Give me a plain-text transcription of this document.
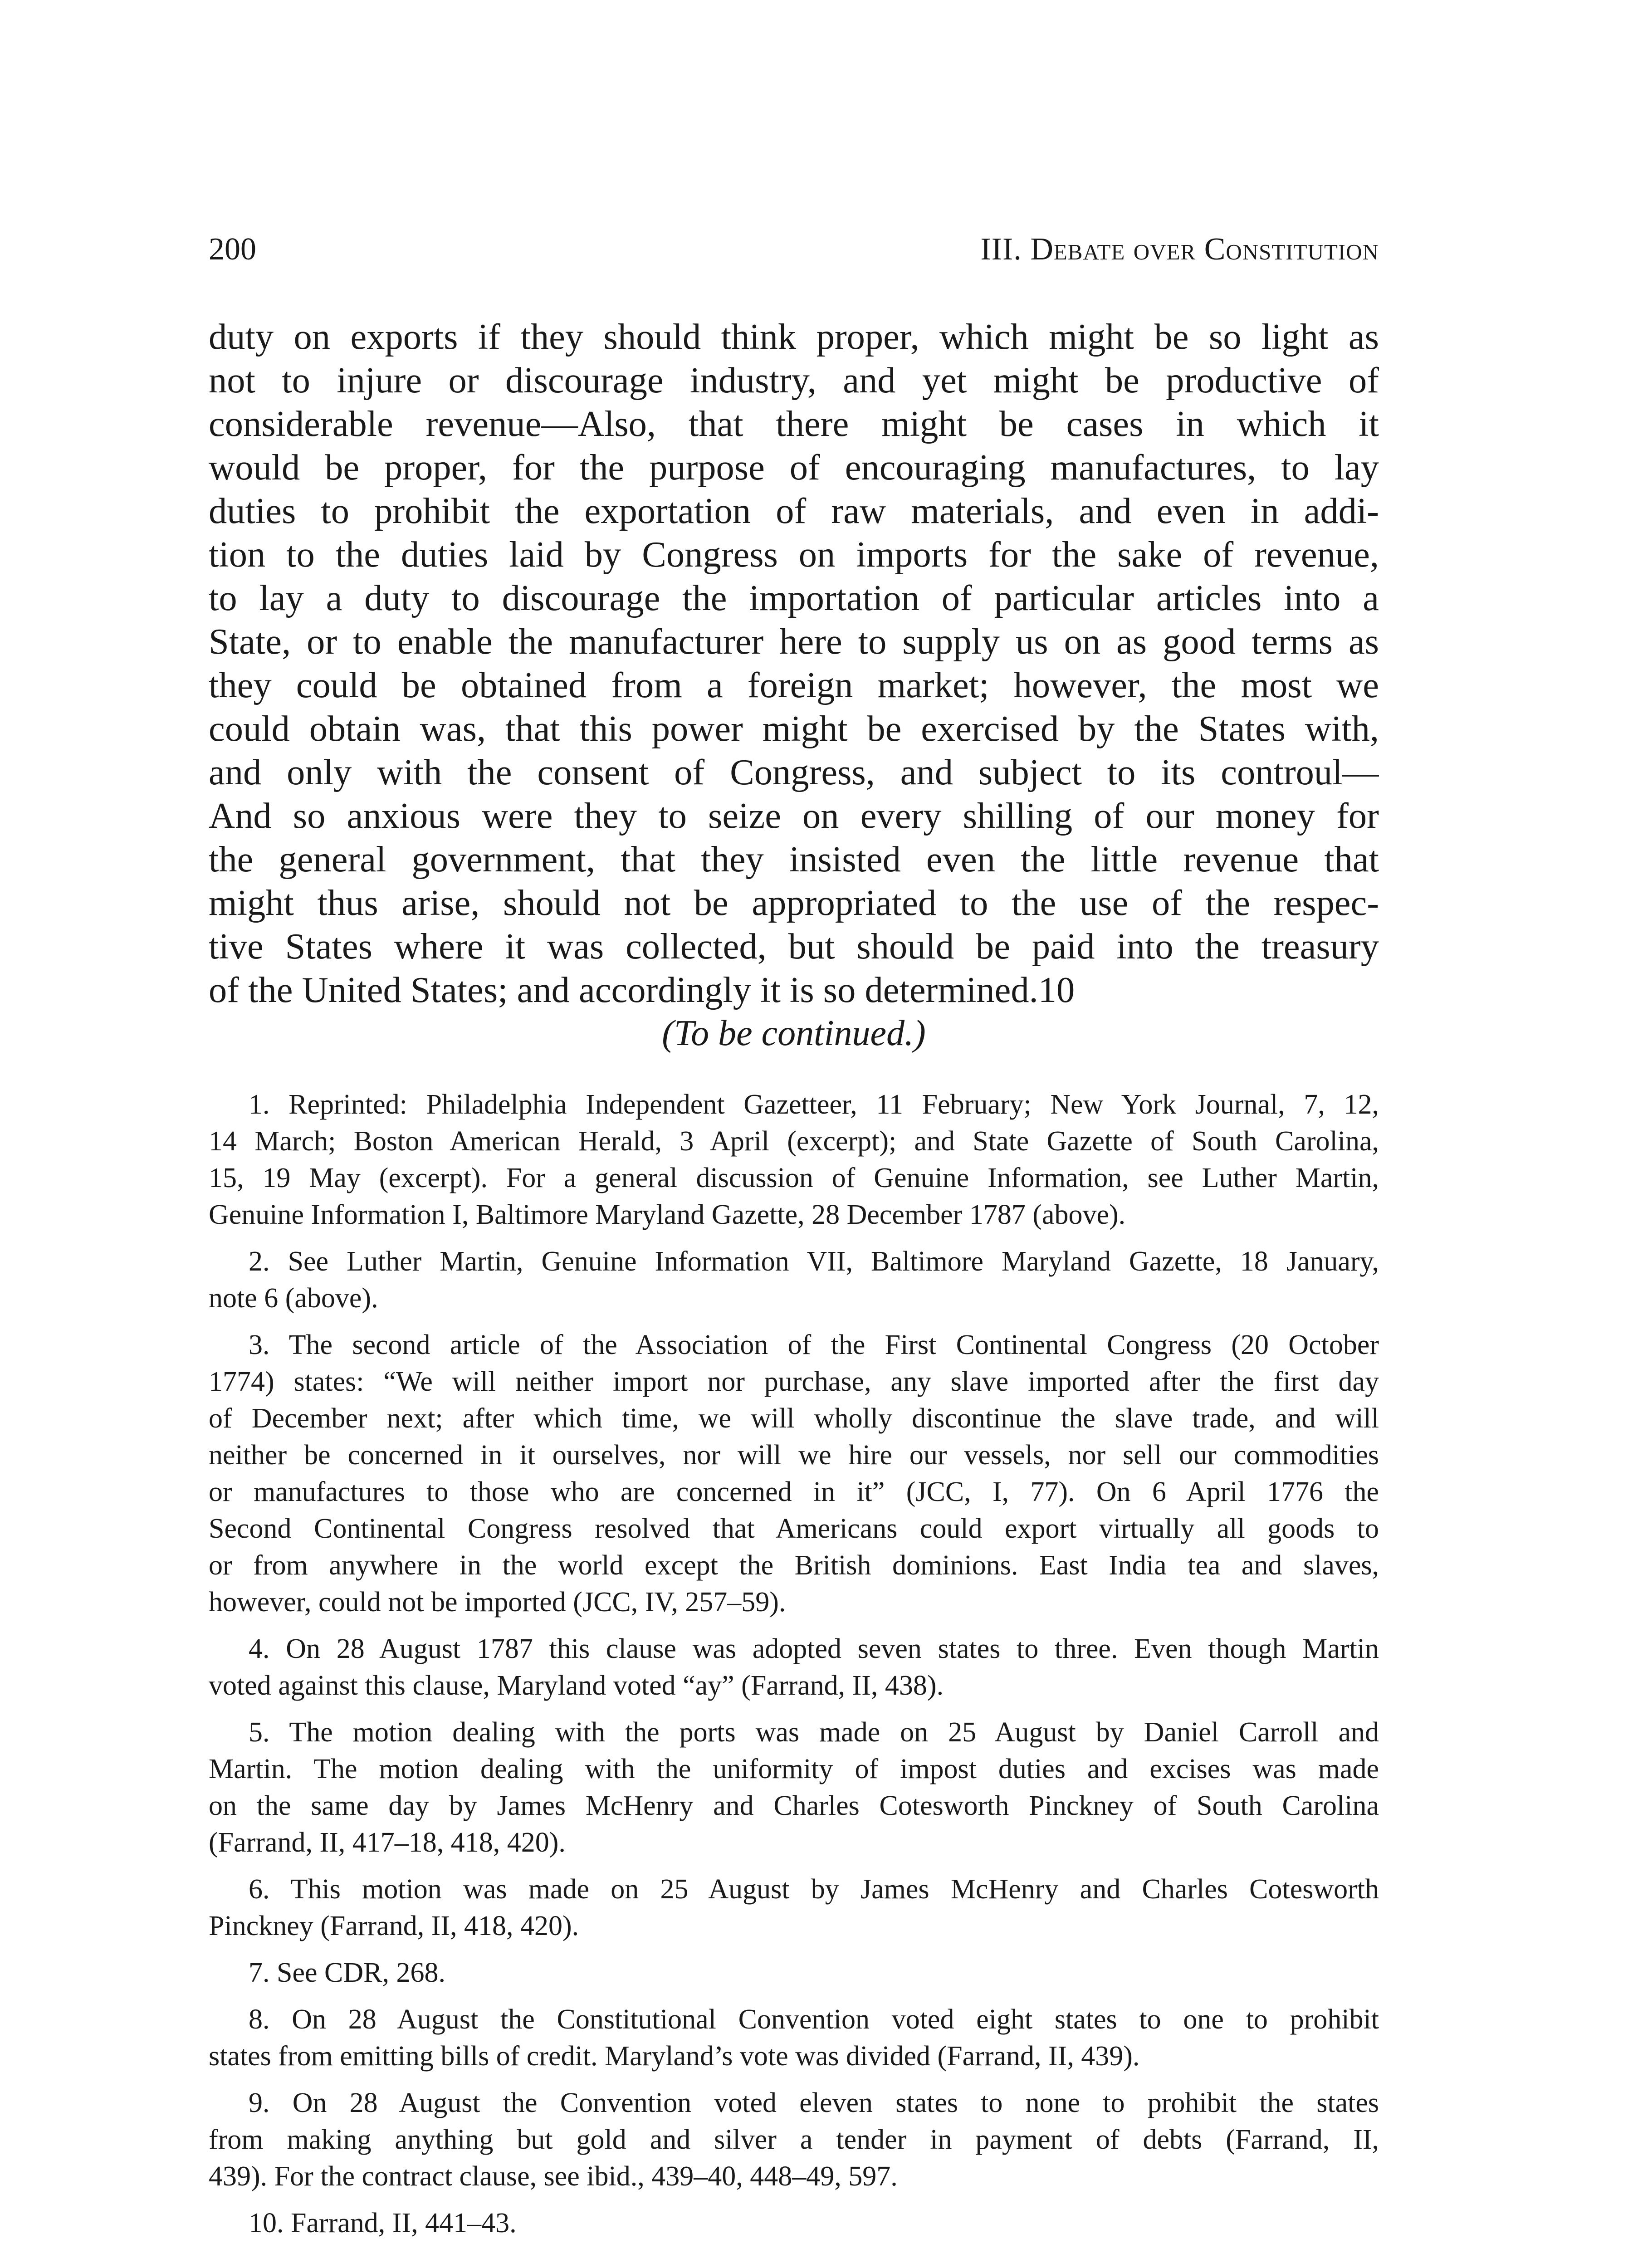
200	III. Debate over Constitution
duty on exports if they should think proper, which might be so light as
not to injure or discourage industry, and yet might be productive of
considerable revenue—Also, that there might be cases in which it
would be proper, for the purpose of encouraging manufactures, to lay
duties to prohibit the exportation of raw materials, and even in addi-
tion to the duties laid by Congress on imports for the sake of revenue,
to lay a duty to discourage the importation of particular articles into a
State, or to enable the manufacturer here to supply us on as good terms as
they could be obtained from a foreign market; however, the most we
could obtain was, that this power might be exercised by the States with,
and only with the consent of Congress, and subject to its controul—
And so anxious were they to seize on every shilling of our money for
the general government, that they insisted even the little revenue that
might thus arise, should not be appropriated to the use of the respec-
tive States where it was collected, but should be paid into the treasury
of the United States; and accordingly it is so determined.10
(To be continued.)
1. Reprinted: Philadelphia Independent Gazetteer, 11 February; New York Journal, 7, 12,
14 March; Boston American Herald, 3 April (excerpt); and State Gazette of South Carolina,
15, 19 May (excerpt). For a general discussion of Genuine Information, see Luther Martin,
Genuine Information I, Baltimore Maryland Gazette, 28 December 1787 (above).
2. See Luther Martin, Genuine Information VII, Baltimore Maryland Gazette, 18 January,
note 6 (above).
3. The second article of the Association of the First Continental Congress (20 October
1774) states: “We will neither import nor purchase, any slave imported after the first day
of December next; after which time, we will wholly discontinue the slave trade, and will
neither be concerned in it ourselves, nor will we hire our vessels, nor sell our commodities
or manufactures to those who are concerned in it” (JCC, I, 77). On 6 April 1776 the
Second Continental Congress resolved that Americans could export virtually all goods to
or from anywhere in the world except the British dominions. East India tea and slaves,
however, could not be imported (JCC, IV, 257–59).
4. On 28 August 1787 this clause was adopted seven states to three. Even though Martin
voted against this clause, Maryland voted “ay” (Farrand, II, 438).
5. The motion dealing with the ports was made on 25 August by Daniel Carroll and
Martin. The motion dealing with the uniformity of impost duties and excises was made
on the same day by James McHenry and Charles Cotesworth Pinckney of South Carolina
(Farrand, II, 417–18, 418, 420).
6. This motion was made on 25 August by James McHenry and Charles Cotesworth
Pinckney (Farrand, II, 418, 420).
7. See CDR, 268.
8. On 28 August the Constitutional Convention voted eight states to one to prohibit
states from emitting bills of credit. Maryland’s vote was divided (Farrand, II, 439).
9. On 28 August the Convention voted eleven states to none to prohibit the states
from making anything but gold and silver a tender in payment of debts (Farrand, II,
439). For the contract clause, see ibid., 439–40, 448–49, 597.
10. Farrand, II, 441–43.
